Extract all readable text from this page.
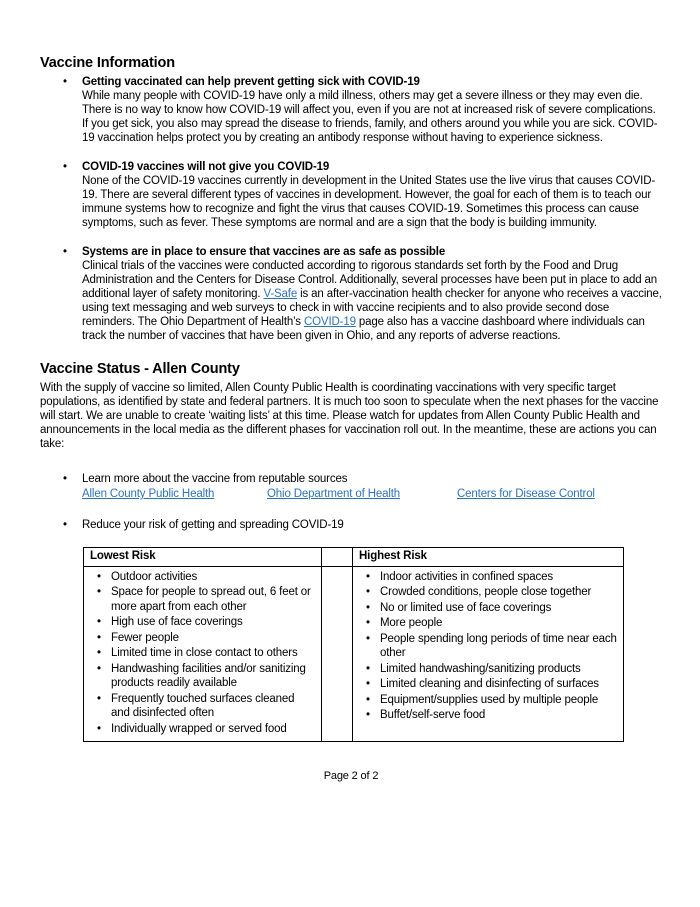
Vaccine Information
• Getting vaccinated can help prevent getting sick with COVID-19
While many people with COVID-19 have only a mild illness, others may get a severe illness or they may even die. There is no way to know how COVID-19 will affect you, even if you are not at increased risk of severe complications. If you get sick, you also may spread the disease to friends, family, and others around you while you are sick. COVID-19 vaccination helps protect you by creating an antibody response without having to experience sickness.
• COVID-19 vaccines will not give you COVID-19
None of the COVID-19 vaccines currently in development in the United States use the live virus that causes COVID-19. There are several different types of vaccines in development. However, the goal for each of them is to teach our immune systems how to recognize and fight the virus that causes COVID-19. Sometimes this process can cause symptoms, such as fever. These symptoms are normal and are a sign that the body is building immunity.
• Systems are in place to ensure that vaccines are as safe as possible
Clinical trials of the vaccines were conducted according to rigorous standards set forth by the Food and Drug Administration and the Centers for Disease Control. Additionally, several processes have been put in place to add an additional layer of safety monitoring. V-Safe is an after-vaccination health checker for anyone who receives a vaccine, using text messaging and web surveys to check in with vaccine recipients and to also provide second dose reminders. The Ohio Department of Health’s COVID-19 page also has a vaccine dashboard where individuals can track the number of vaccines that have been given in Ohio, and any reports of adverse reactions.
Vaccine Status - Allen County

With the supply of vaccine so limited, Allen County Public Health is coordinating vaccinations with very specific target populations, as identified by state and federal partners. It is much too soon to speculate when the next phases for the vaccine will start. We are unable to create ‘waiting lists’ at this time. Please watch for updates from Allen County Public Health and announcements in the local media as the different phases for vaccination roll out. In the meantime, these are actions you can take:

• Learn more about the vaccine from reputable sources
Allen County Public Health	Ohio Department of Health	Centers for Disease Control
• Reduce your risk of getting and spreading COVID-19
Lowest Risk		Highest Risk

• Outdoor activities
• Space for people to spread out, 6 feet or more apart from each other
• High use of face coverings
• Fewer people
• Limited time in close contact to others
• Handwashing facilities and/or sanitizing products readily available
• Frequently touched surfaces cleaned and disinfected often
• Individually wrapped or served food

• Indoor activities in confined spaces
• Crowded conditions, people close together
• No or limited use of face coverings
• More people
• People spending long periods of time near each other
• Limited handwashing/sanitizing products
• Limited cleaning and disinfecting of surfaces
• Equipment/supplies used by multiple people
• Buffet/self-serve food
Page 2 of 2
